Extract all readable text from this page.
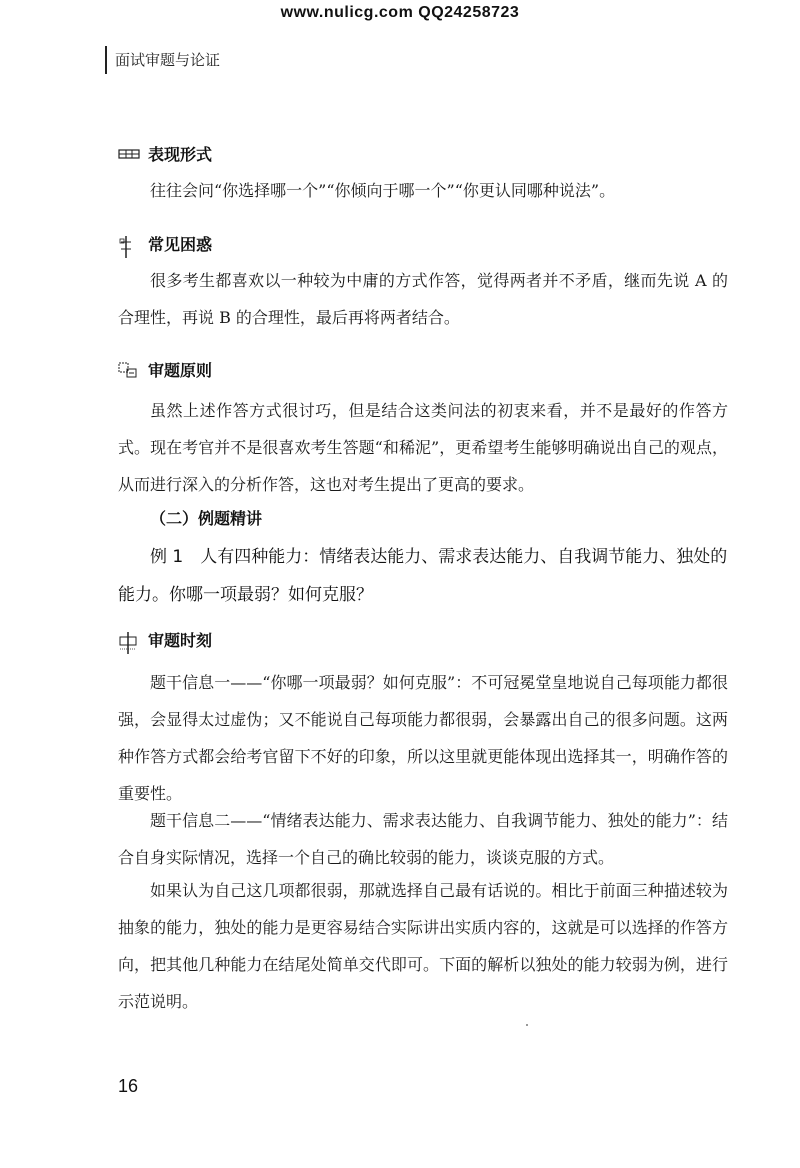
www.nulicg.com QQ24258723
面试审题与论证
表现形式

往往会问“你选择哪一个”“你倾向于哪一个”“你更认同哪种说法”。

常见困惑

很多考生都喜欢以一种较为中庸的方式作答，觉得两者并不矛盾，继而先说 A 的合理性，再说 B 的合理性，最后再将两者结合。

审题原则

虽然上述作答方式很讨巧，但是结合这类问法的初衷来看，并不是最好的作答方式。现在考官并不是很喜欢考生答题“和稀泥”，更希望考生能够明确说出自己的观点，从而进行深入的分析作答，这也对考生提出了更高的要求。

（二）例题精讲

例 1　人有四种能力：情绪表达能力、需求表达能力、自我调节能力、独处的能力。你哪一项最弱？如何克服？

审题时刻

题干信息一——“你哪一项最弱？如何克服”：不可冠冕堂皇地说自己每项能力都很强，会显得太过虚伪；又不能说自己每项能力都很弱，会暴露出自己的很多问题。这两种作答方式都会给考官留下不好的印象，所以这里就更能体现出选择其一，明确作答的重要性。

题干信息二——“情绪表达能力、需求表达能力、自我调节能力、独处的能力”：结合自身实际情况，选择一个自己的确比较弱的能力，谈谈克服的方式。

如果认为自己这几项都很弱，那就选择自己最有话说的。相比于前面三种描述较为抽象的能力，独处的能力是更容易结合实际讲出实质内容的，这就是可以选择的作答方向，把其他几种能力在结尾处简单交代即可。下面的解析以独处的能力较弱为例，进行示范说明。

16
